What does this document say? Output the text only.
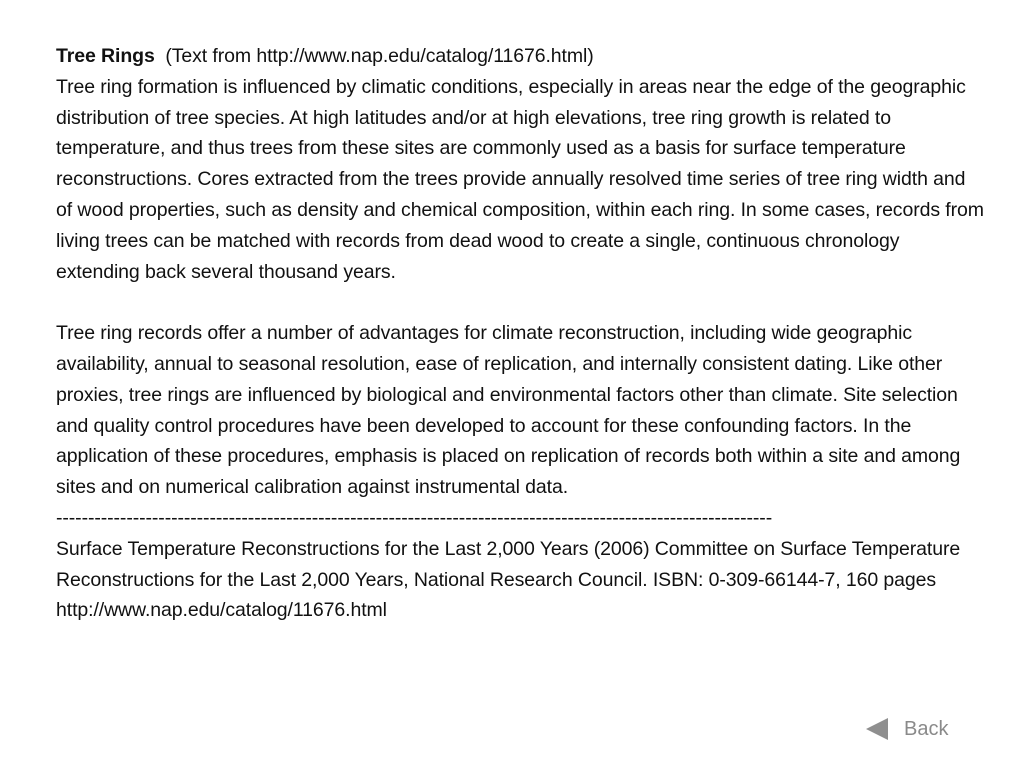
Tree Rings (Text from http://www.nap.edu/catalog/11676.html)

Tree ring formation is influenced by climatic conditions, especially in areas near the edge of the geographic distribution of tree species. At high latitudes and/or at high elevations, tree ring growth is related to temperature, and thus trees from these sites are commonly used as a basis for surface temperature reconstructions. Cores extracted from the trees provide annually resolved time series of tree ring width and of wood properties, such as density and chemical composition, within each ring. In some cases, records from living trees can be matched with records from dead wood to create a single, continuous chronology extending back several thousand years.

Tree ring records offer a number of advantages for climate reconstruction, including wide geographic availability, annual to seasonal resolution, ease of replication, and internally consistent dating. Like other proxies, tree rings are influenced by biological and environmental factors other than climate. Site selection and quality control procedures have been developed to account for these confounding factors. In the application of these procedures, emphasis is placed on replication of records both within a site and among sites and on numerical calibration against instrumental data.

----------------------------------------------------------------------------------------------------------------

Surface Temperature Reconstructions for the Last 2,000 Years (2006) Committee on Surface Temperature Reconstructions for the Last 2,000 Years, National Research Council. ISBN: 0-309-66144-7, 160 pages http://www.nap.edu/catalog/11676.html

Back
